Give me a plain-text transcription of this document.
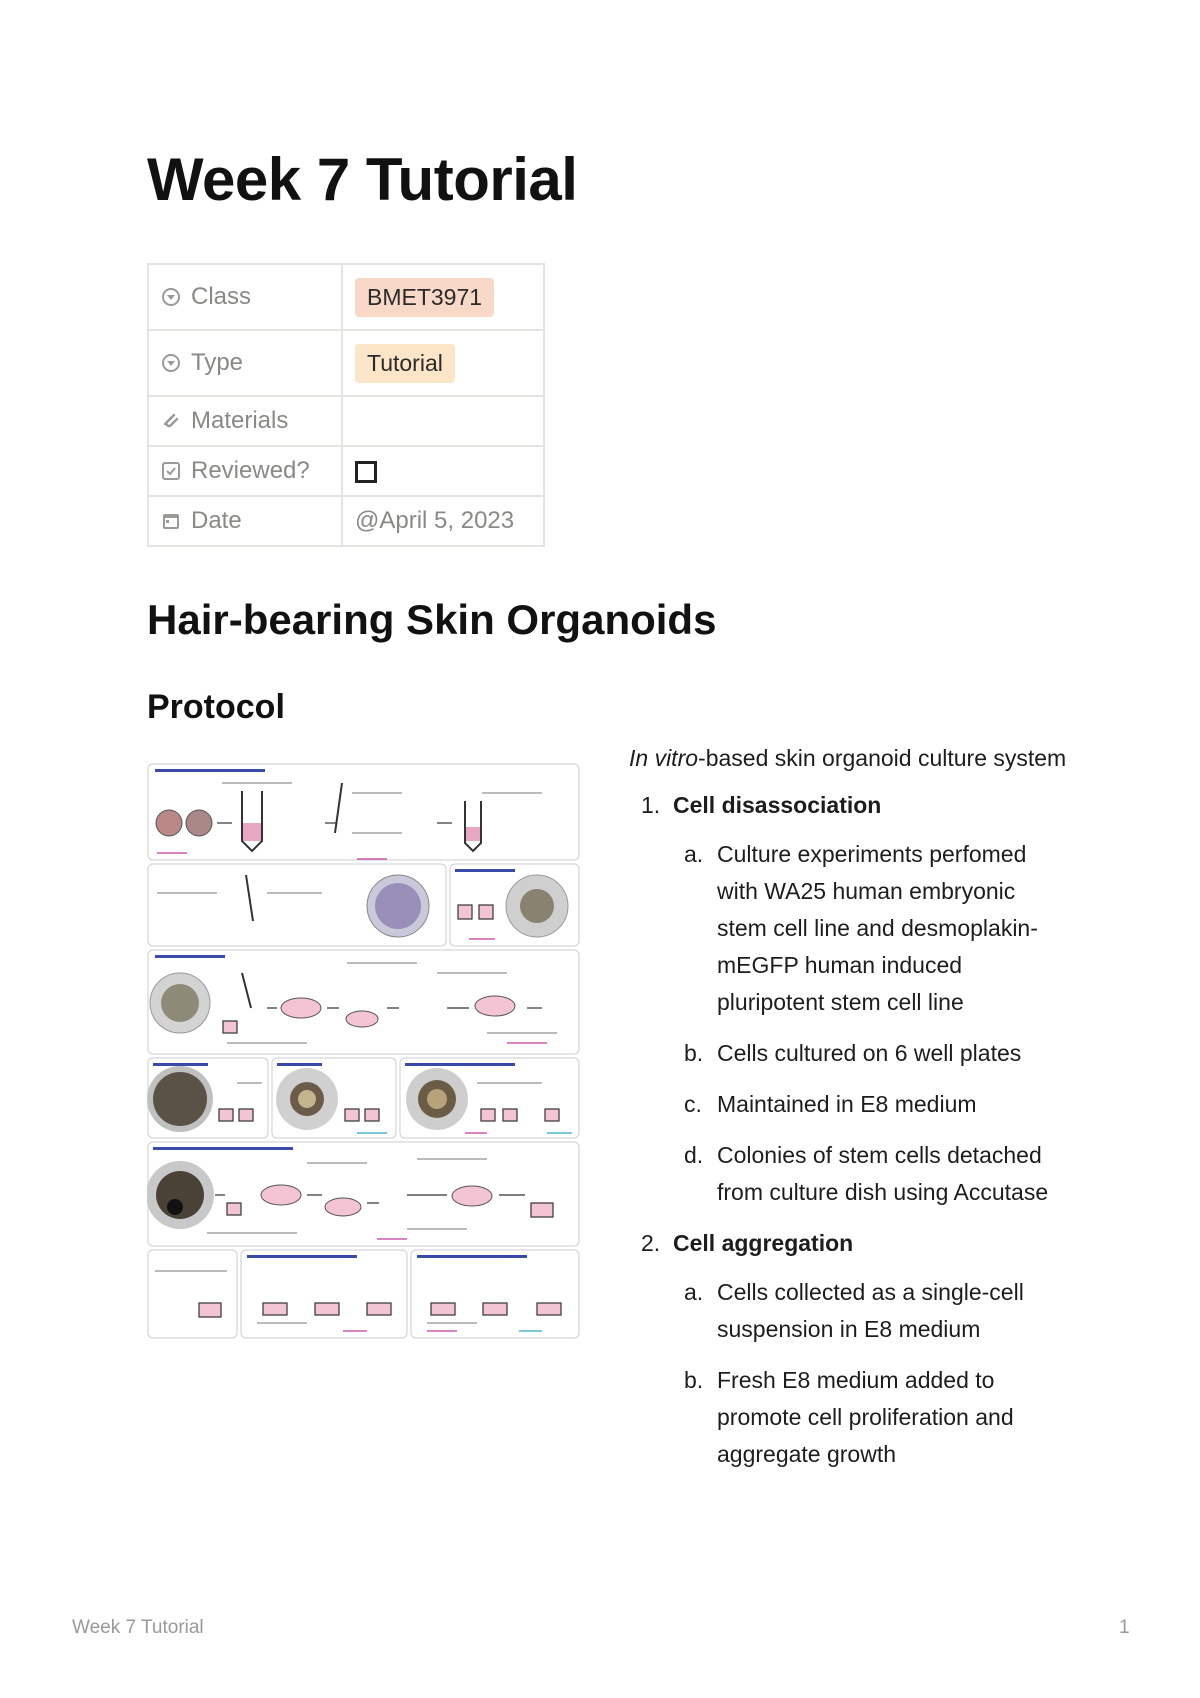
Week 7 Tutorial
Class	BMET3971

Type	Tutorial

Materials	

Reviewed?	

Date	@April 5, 2023
Hair-bearing Skin Organoids
Protocol

In vitro-based skin organoid culture system

1. Cell disassociation
a. Culture experiments perfomed with WA25 human embryonic stem cell line and desmoplakin-mEGFP human induced pluripotent stem cell line
b. Cells cultured on 6 well plates
c. Maintained in E8 medium
d. Colonies of stem cells detached from culture dish using Accutase
2. Cell aggregation
a. Cells collected as a single-cell suspension in E8 medium
b. Fresh E8 medium added to promote cell proliferation and aggregate growth
Week 7 Tutorial	1
